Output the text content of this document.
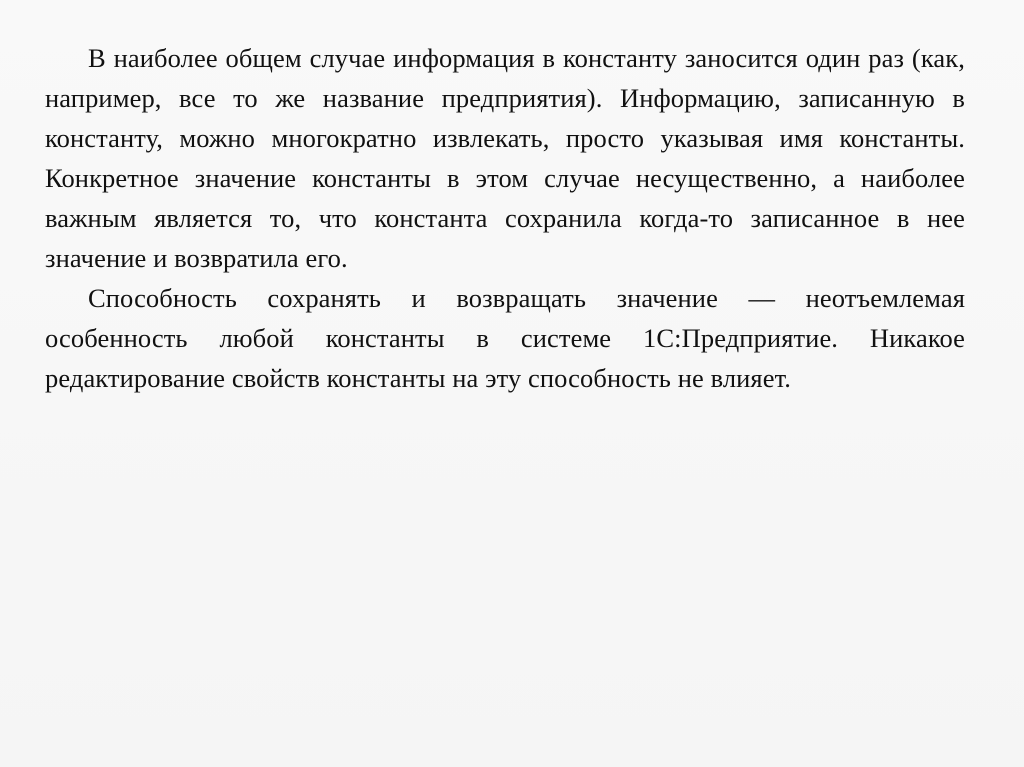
В наиболее общем случае информация в константу заносится один раз (как, например, все то же название предприятия). Информацию, записанную в константу, можно многократно извлекать, просто указывая имя константы. Конкретное значение константы в этом случае несущественно, а наиболее важным является то, что константа сохранила когда-то записанное в нее значение и возвратила его.

Способность сохранять и возвращать значение — неотъемлемая особенность любой константы в системе 1С:Предприятие. Никакое редактирование свойств константы на эту способность не влияет.
